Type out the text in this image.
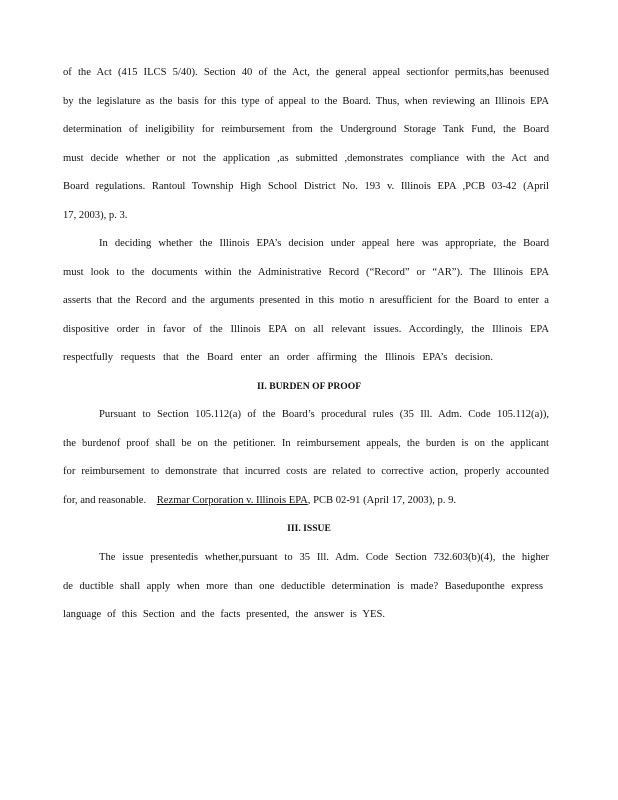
of the Act (415 ILCS 5/40). Section 40 of the Act, the general appeal sectionfor permits,has beenused
by the legislature as the basis for this type of appeal to the Board. Thus, when reviewing an Illinois EPA
determination of ineligibility for reimbursement from the Underground Storage Tank Fund, the Board
must decide whether or not the application ,as submitted ,demonstrates compliance with the Act and
Board regulations. Rantoul Township High School District No. 193 v. Illinois EPA ,PCB 03-42 (April
17, 2003), p. 3.
In deciding whether the Illinois EPA’s decision under appeal here was appropriate, the Board
must look to the documents within the Administrative Record (“Record” or “AR”). The Illinois EPA
asserts that the Record and the arguments presented in this motio n aresufficient for the Board to enter a
dispositive order in favor of the Illinois EPA on all relevant issues. Accordingly, the Illinois EPA
respectfully requests that the Board enter an order affirming the Illinois EPA’s decision.
II. BURDEN OF PROOF
Pursuant to Section 105.112(a) of the Board’s procedural rules (35 Ill. Adm. Code 105.112(a)),
the burdenof proof shall be on the petitioner. In reimbursement appeals, the burden is on the applicant
for reimbursement to demonstrate that incurred costs are related to corrective action, properly accounted
for, and reasonable. Rezmar Corporation v. Illinois EPA, PCB 02-91 (April 17, 2003), p. 9.
III. ISSUE
The issue presentedis whether,pursuant to 35 Ill. Adm. Code Section 732.603(b)(4), the higher
de ductible shall apply when more than one deductible determination is made? Baseduponthe express
language of this Section and the facts presented, the answer is YES.
